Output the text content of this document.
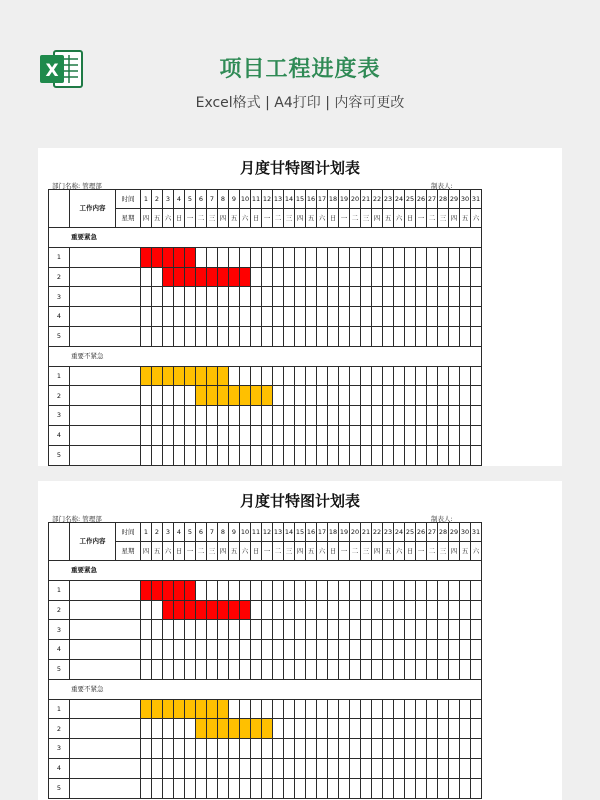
X	项目工程进度表
Excel格式 | A4打印 | 内容可更改
月度甘特图计划表
部门名称: 管理部	制表人:
	工作内容	时间	1	2	3	4	5	6	7	8	9	10	11	12	13	14	15	16	17	18	19	20	21	22	23	24	25	26	27	28	29	30	31
		星期	四	五	六	日	一	二	三	四	五	六	日	一	二	三	四	五	六	日	一	二	三	四	五	六	日	一	二	三	四	五	六
重要紧急																																	
1																																	
2																																	
3																																	
4																																	
5																																	
重要不紧急																																	
1																																	
2																																	
3																																	
4																																	
5																																	
月度甘特图计划表
部门名称: 管理部	制表人:
	工作内容	时间	1	2	3	4	5	6	7	8	9	10	11	12	13	14	15	16	17	18	19	20	21	22	23	24	25	26	27	28	29	30	31
		星期	四	五	六	日	一	二	三	四	五	六	日	一	二	三	四	五	六	日	一	二	三	四	五	六	日	一	二	三	四	五	六
重要紧急																																	
1																																	
2																																	
3																																	
4																																	
5																																	
重要不紧急																																	
1																																	
2																																	
3																																	
4																																	
5																																	
